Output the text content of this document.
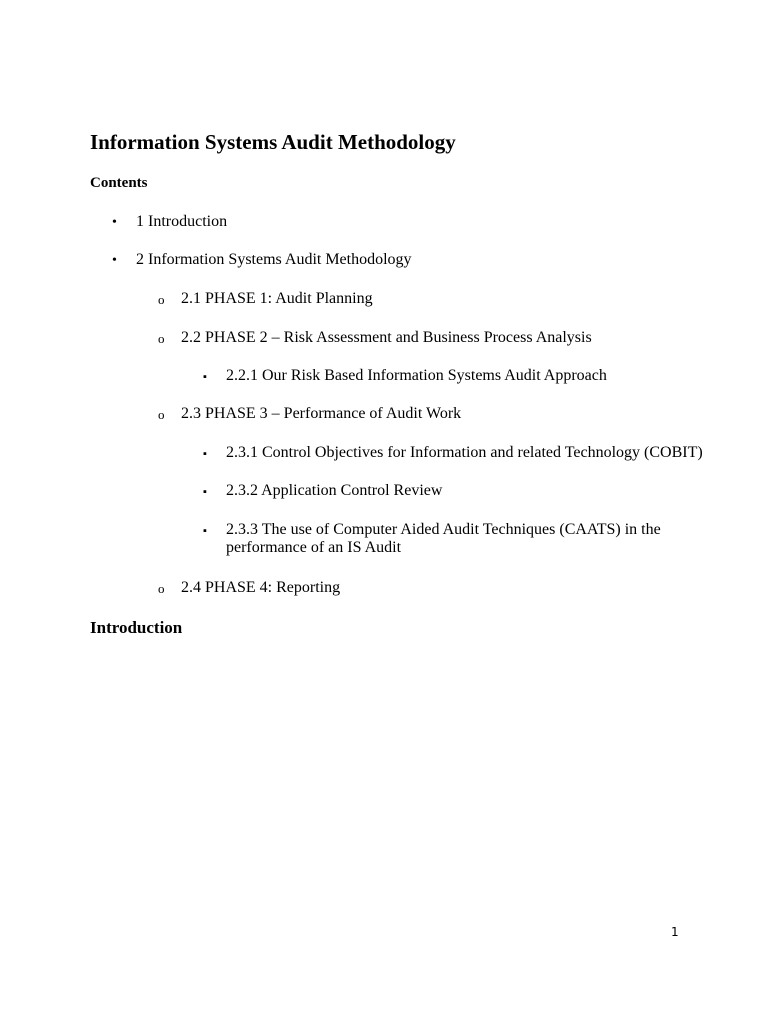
Information Systems Audit Methodology
Contents
• 1 Introduction
• 2 Information Systems Audit Methodology
o 2.1 PHASE 1: Audit Planning
o 2.2 PHASE 2 – Risk Assessment and Business Process Analysis
▪ 2.2.1 Our Risk Based Information Systems Audit Approach
o 2.3 PHASE 3 – Performance of Audit Work
▪ 2.3.1 Control Objectives for Information and related Technology (COBIT)
▪ 2.3.2 Application Control Review
▪ 2.3.3 The use of Computer Aided Audit Techniques (CAATS) in the performance of an IS Audit
o 2.4 PHASE 4: Reporting
Introduction
1
